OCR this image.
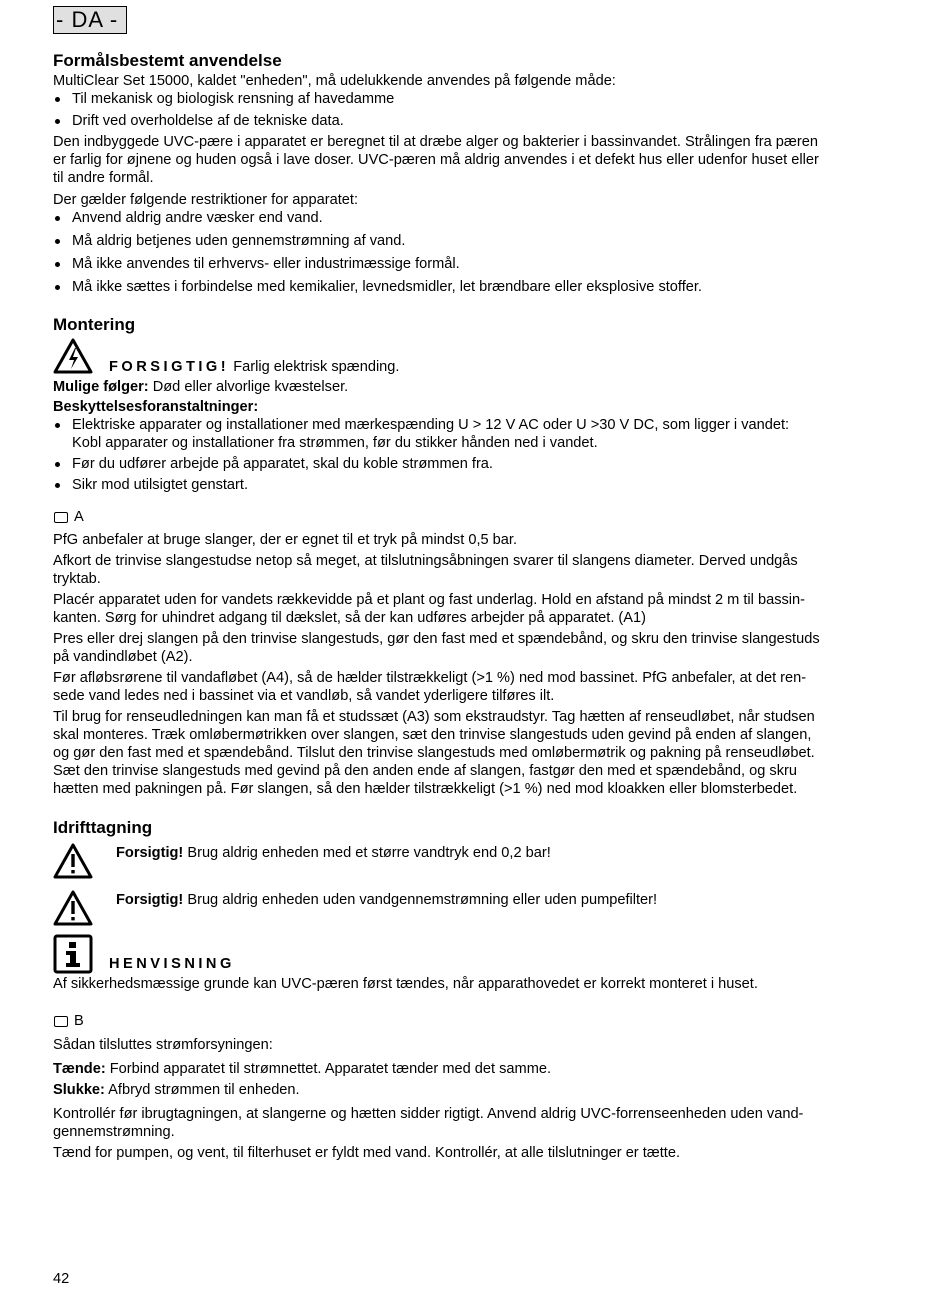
- DA -
Formålsbestemt anvendelse

MultiClear Set 15000, kaldet "enheden", må udelukkende anvendes på følgende måde:

Til mekanisk og biologisk rensning af havedamme
Drift ved overholdelse af de tekniske data.

Den indbyggede UVC-pære i apparatet er beregnet til at dræbe alger og bakterier i bassinvandet. Strålingen fra pæren
er farlig for øjnene og huden også i lave doser. UVC-pæren må aldrig anvendes i et defekt hus eller udenfor huset eller
til andre formål.

Der gælder følgende restriktioner for apparatet:

Anvend aldrig andre væsker end vand.
Må aldrig betjenes uden gennemstrømning af vand.
Må ikke anvendes til erhvervs- eller industrimæssige formål.
Må ikke sættes i forbindelse med kemikalier, levnedsmidler, let brændbare eller eksplosive stoffer.
Montering
FORSIGTIG! Farlig elektrisk spænding.

Mulige følger: Død eller alvorlige kvæstelser.

Beskyttelsesforanstaltninger:

Elektriske apparater og installationer med mærkespænding U > 12 V AC oder U >30 V DC, som ligger i vandet:
Kobl apparater og installationer fra strømmen, før du stikker hånden ned i vandet.
Før du udfører arbejde på apparatet, skal du koble strømmen fra.
Sikr mod utilsigtet genstart.
A

PfG anbefaler at bruge slanger, der er egnet til et tryk på mindst 0,5 bar.

Afkort de trinvise slangestudse netop så meget, at tilslutningsåbningen svarer til slangens diameter. Derved undgås
tryktab.

Placér apparatet uden for vandets rækkevidde på et plant og fast underlag. Hold en afstand på mindst 2 m til bassin-
kanten. Sørg for uhindret adgang til dækslet, så der kan udføres arbejder på apparatet. (A1)

Pres eller drej slangen på den trinvise slangestuds, gør den fast med et spændebånd, og skru den trinvise slangestuds
på vandindløbet (A2).

Før afløbsrørene til vandafløbet (A4), så de hælder tilstrækkeligt (>1 %) ned mod bassinet. PfG anbefaler, at det ren-
sede vand ledes ned i bassinet via et vandløb, så vandet yderligere tilføres ilt.

Til brug for renseudledningen kan man få et studssæt (A3) som ekstraudstyr. Tag hætten af renseudløbet, når studsen
skal monteres. Træk omløbermøtrikken over slangen, sæt den trinvise slangestuds uden gevind på enden af slangen,
og gør den fast med et spændebånd. Tilslut den trinvise slangestuds med omløbermøtrik og pakning på renseudløbet.
Sæt den trinvise slangestuds med gevind på den anden ende af slangen, fastgør den med et spændebånd, og skru
hætten med pakningen på. Før slangen, så den hælder tilstrækkeligt (>1 %) ned mod kloakken eller blomsterbedet.

Idrifttagning
Forsigtig! Brug aldrig enheden med et større vandtryk end 0,2 bar!
Forsigtig! Brug aldrig enheden uden vandgennemstrømning eller uden pumpefilter!
HENVISNING

Af sikkerhedsmæssige grunde kan UVC-pæren først tændes, når apparathovedet er korrekt monteret i huset.

B

Sådan tilsluttes strømforsyningen:

Tænde: Forbind apparatet til strømnettet. Apparatet tænder med det samme.

Slukke: Afbryd strømmen til enheden.

Kontrollér før ibrugtagningen, at slangerne og hætten sidder rigtigt. Anvend aldrig UVC-forrenseenheden uden vand-
gennemstrømning.

Tænd for pumpen, og vent, til filterhuset er fyldt med vand. Kontrollér, at alle tilslutninger er tætte.

42
